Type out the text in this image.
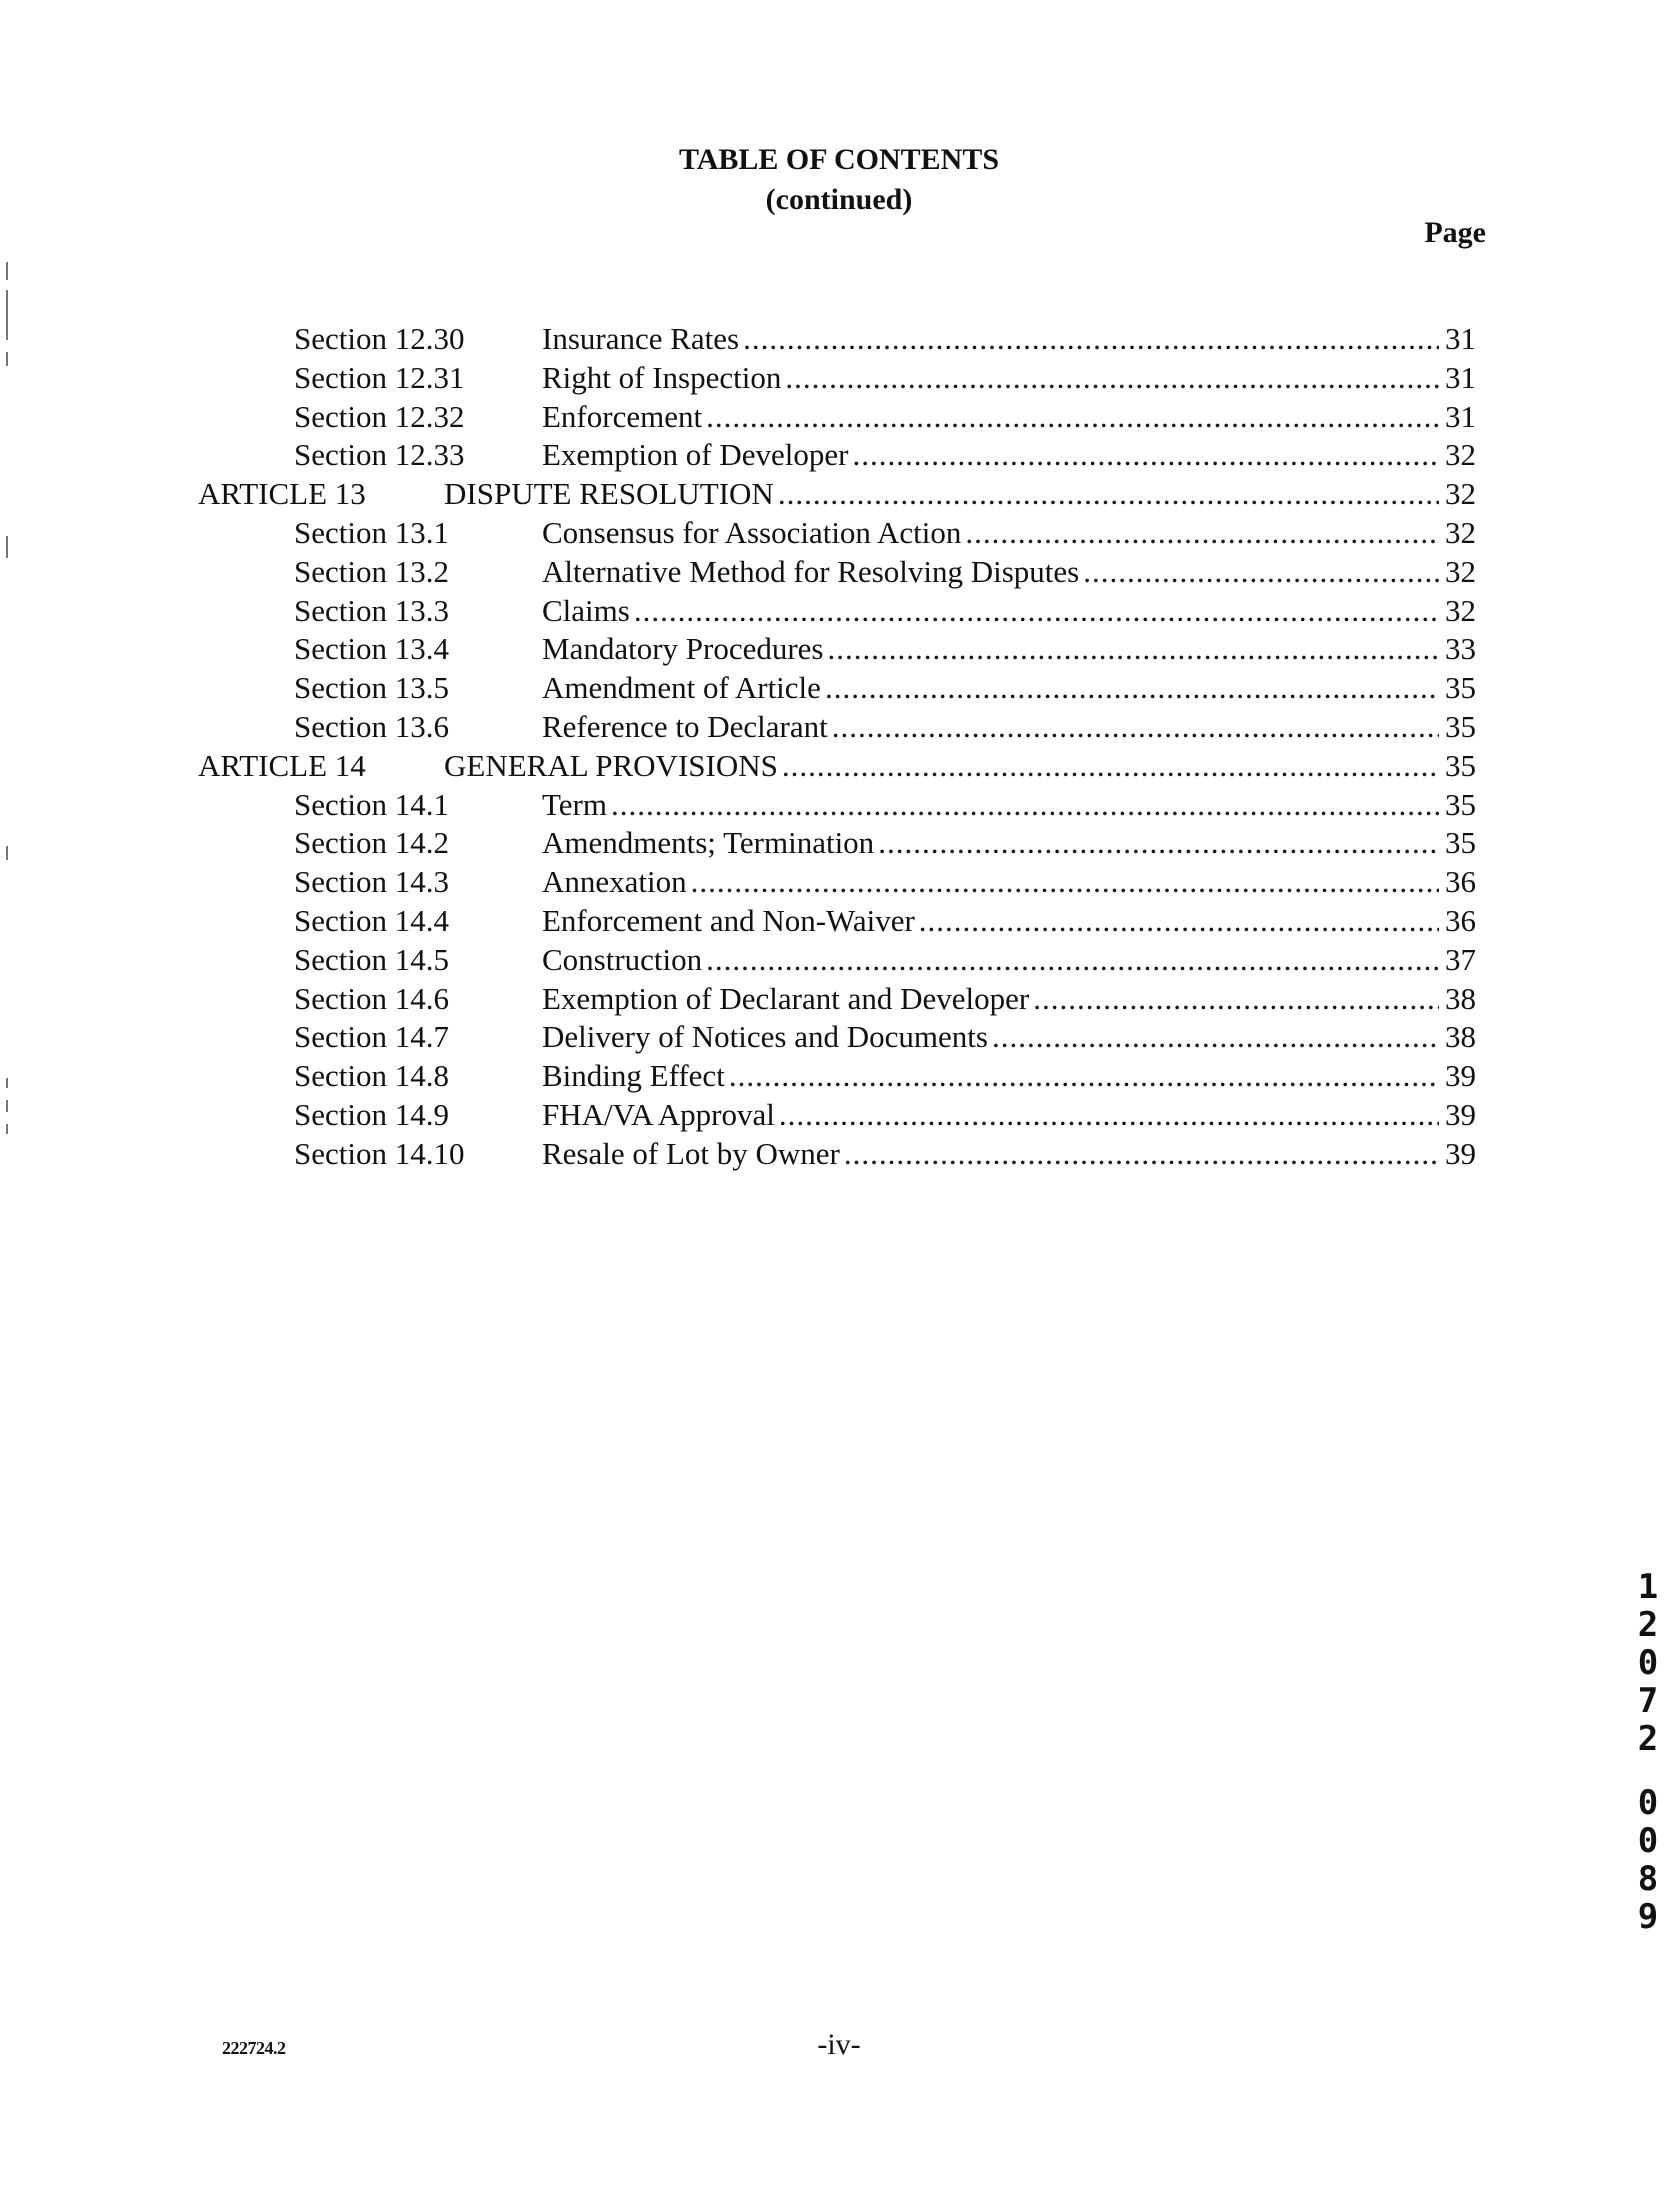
TABLE OF CONTENTS
(continued)
Page
Section 12.30	Insurance Rates .....	31
Section 12.31	Right of Inspection .....	31
Section 12.32	Enforcement .....	31
Section 12.33	Exemption of Developer .....	32
ARTICLE 13	DISPUTE RESOLUTION .....	32
Section 13.1	Consensus for Association Action .....	32
Section 13.2	Alternative Method for Resolving Disputes .....	32
Section 13.3	Claims .....	32
Section 13.4	Mandatory Procedures .....	33
Section 13.5	Amendment of Article .....	35
Section 13.6	Reference to Declarant .....	35
ARTICLE 14	GENERAL PROVISIONS .....	35
Section 14.1	Term .....	35
Section 14.2	Amendments; Termination .....	35
Section 14.3	Annexation .....	36
Section 14.4	Enforcement and Non-Waiver .....	36
Section 14.5	Construction .....	37
Section 14.6	Exemption of Declarant and Developer .....	38
Section 14.7	Delivery of Notices and Documents .....	38
Section 14.8	Binding Effect .....	39
Section 14.9	FHA/VA Approval .....	39
Section 14.10	Resale of Lot by Owner .....	39
1
2
0
7
2
0
0
8
9
222724.2	-iv-
